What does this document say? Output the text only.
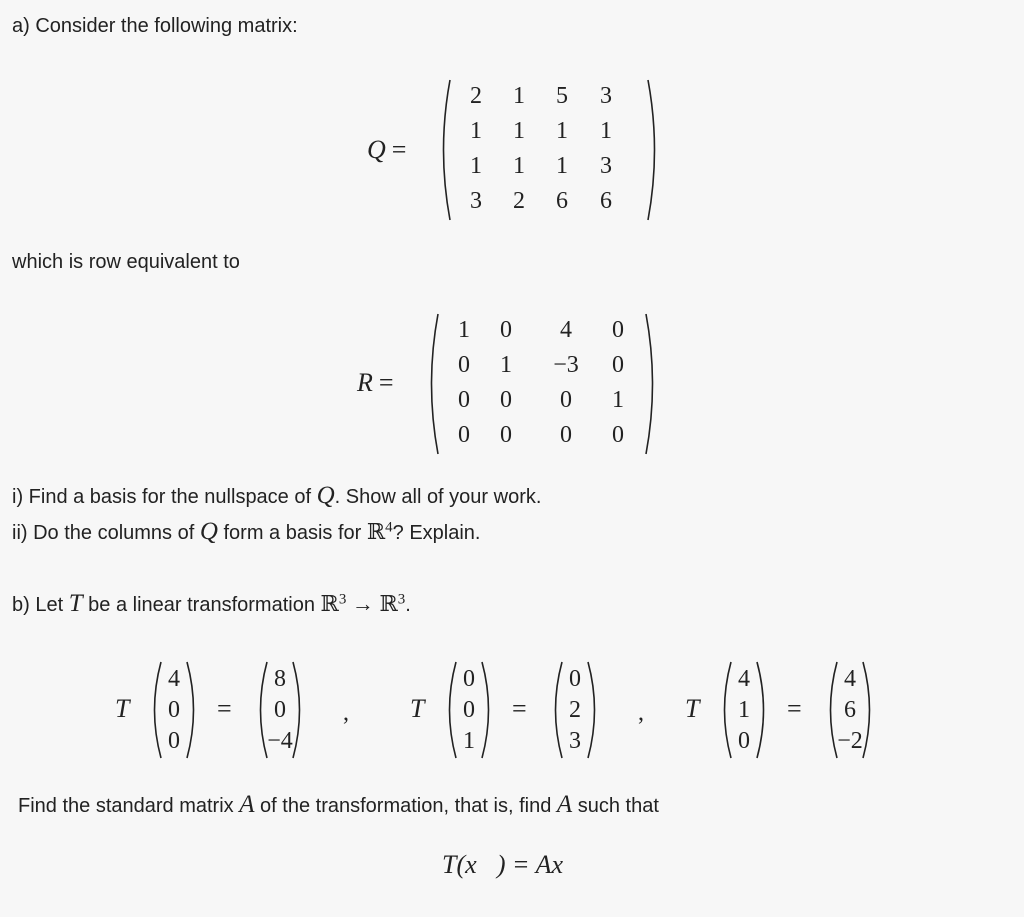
a) Consider the following matrix:
Q =
2	1	5	3
1	1	1	1
1	1	1	3
3	2	6	6
which is row equivalent to
R =
1	0	4	0
0	1	−3	0
0	0	0	1
0	0	0	0
i) Find a basis for the nullspace of Q. Show all of your work.
ii) Do the columns of Q form a basis for ℝ$^4$? Explain.
b) Let T be a linear transformation ℝ$^3$ → ℝ$^3$.
T
4
0
0
=
8
0
−4
, T
0
0
1
=
0
2
3
, T
4
1
0
=
4
6
−2
Find the standard matrix A of the transformation, that is, find A such that
T(x⃗) = Ax⃗
